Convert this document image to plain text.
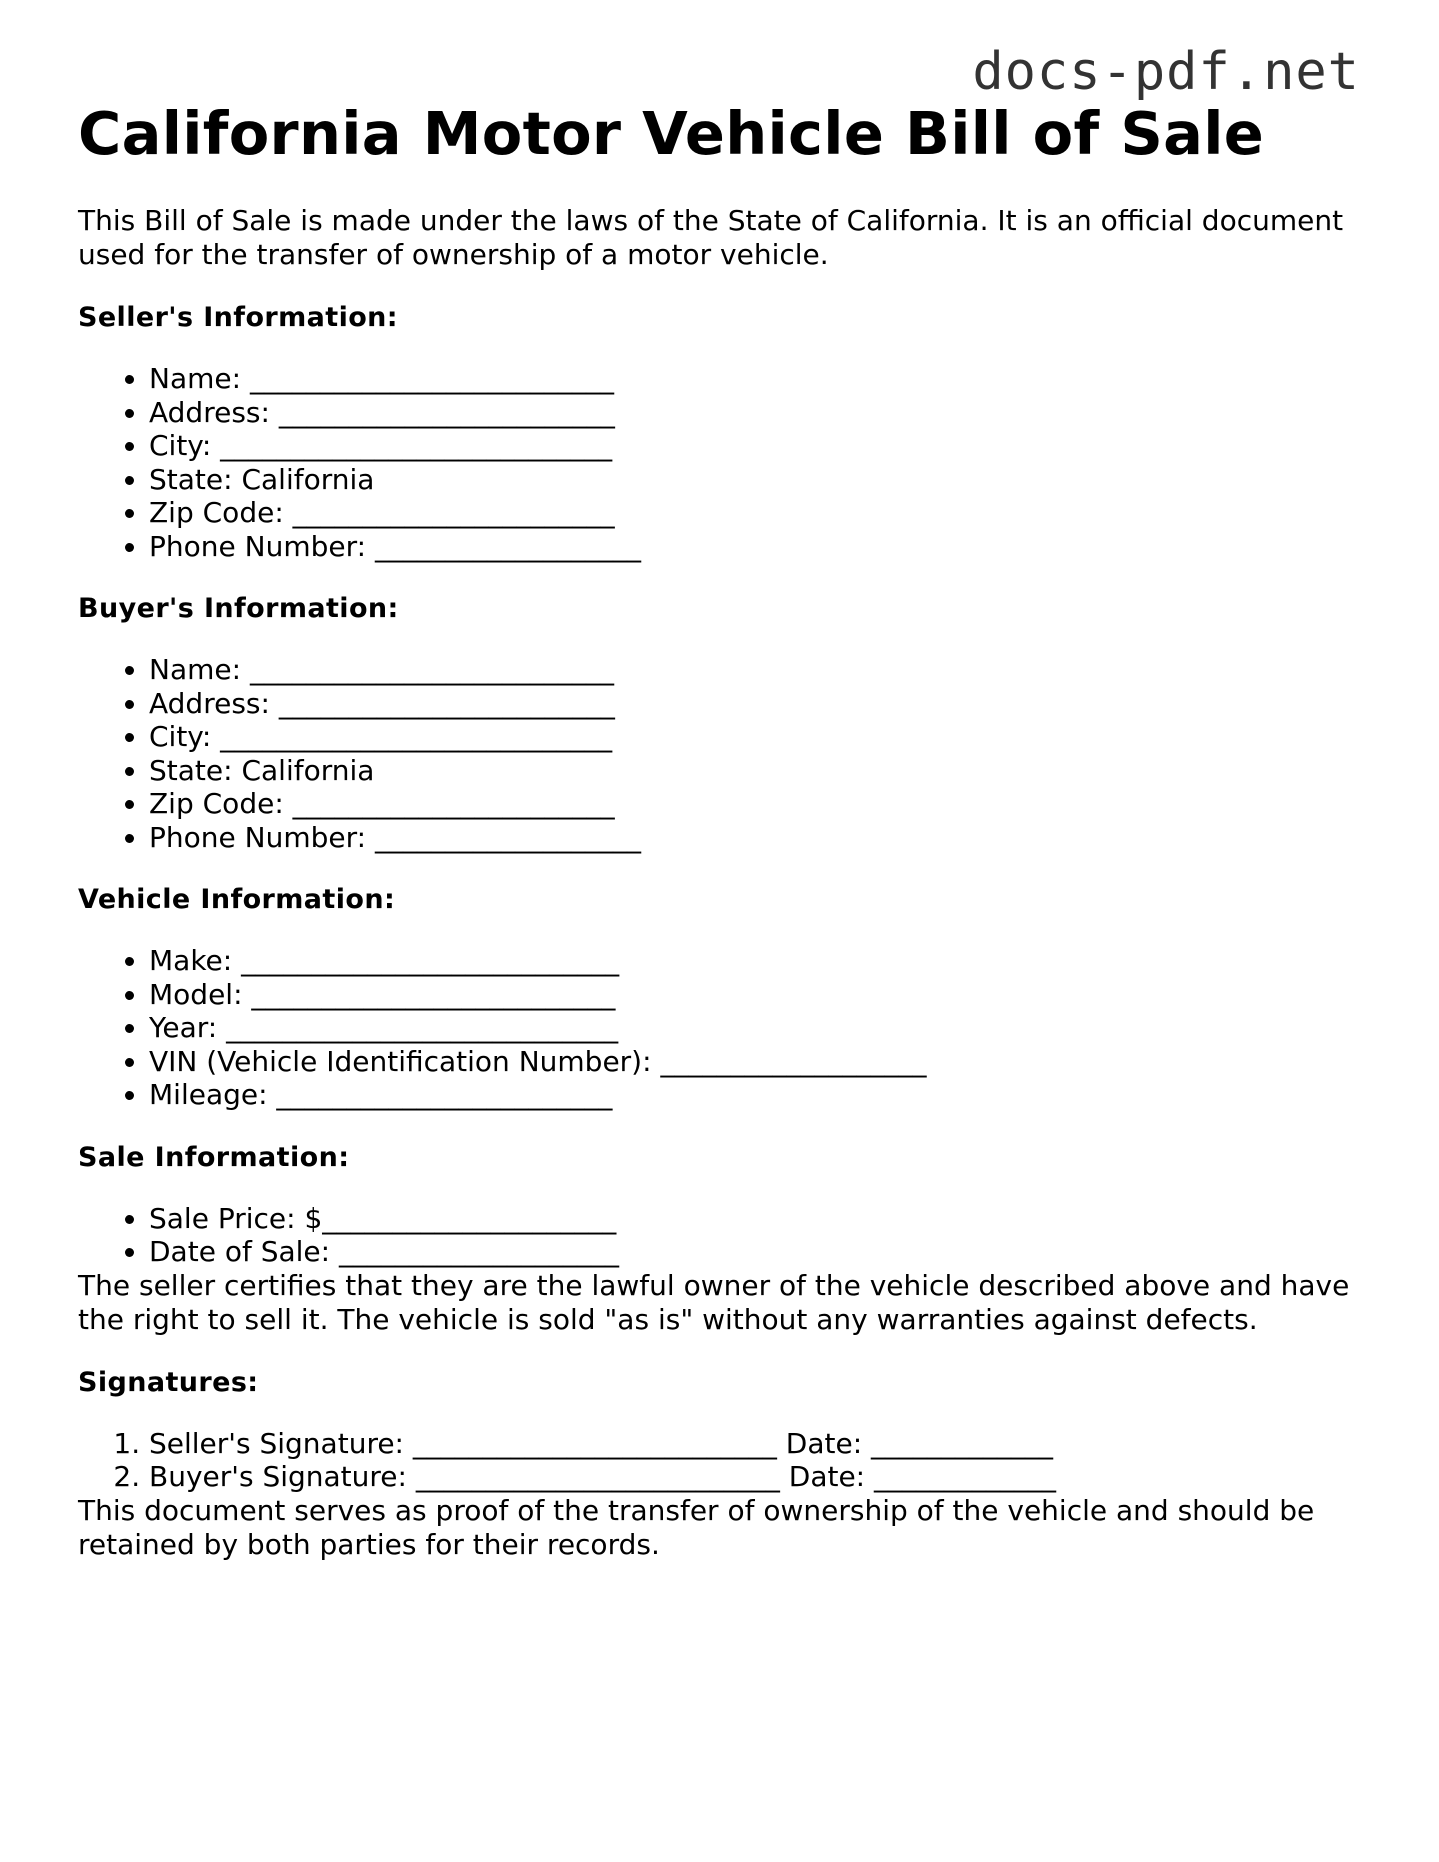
docs-pdf.net
California Motor Vehicle Bill of Sale

This Bill of Sale is made under the laws of the State of California. It is an official document used for the transfer of ownership of a motor vehicle.

Seller's Information:
• Name: __________________________
• Address: ________________________
• City: ____________________________
• State: California
• Zip Code: _______________________
• Phone Number: ___________________
Buyer's Information:
• Name: __________________________
• Address: ________________________
• City: ____________________________
• State: California
• Zip Code: _______________________
• Phone Number: ___________________
Vehicle Information:
• Make: ___________________________
• Model: __________________________
• Year: ____________________________
• VIN (Vehicle Identification Number): ___________________
• Mileage: ________________________
Sale Information:
• Sale Price: $_____________________
• Date of Sale: ____________________

The seller certifies that they are the lawful owner of the vehicle described above and have the right to sell it. The vehicle is sold "as is" without any warranties against defects.

Signatures:
1. Seller's Signature: __________________________ Date: _____________
2. Buyer's Signature: __________________________ Date: _____________

This document serves as proof of the transfer of ownership of the vehicle and should be retained by both parties for their records.
